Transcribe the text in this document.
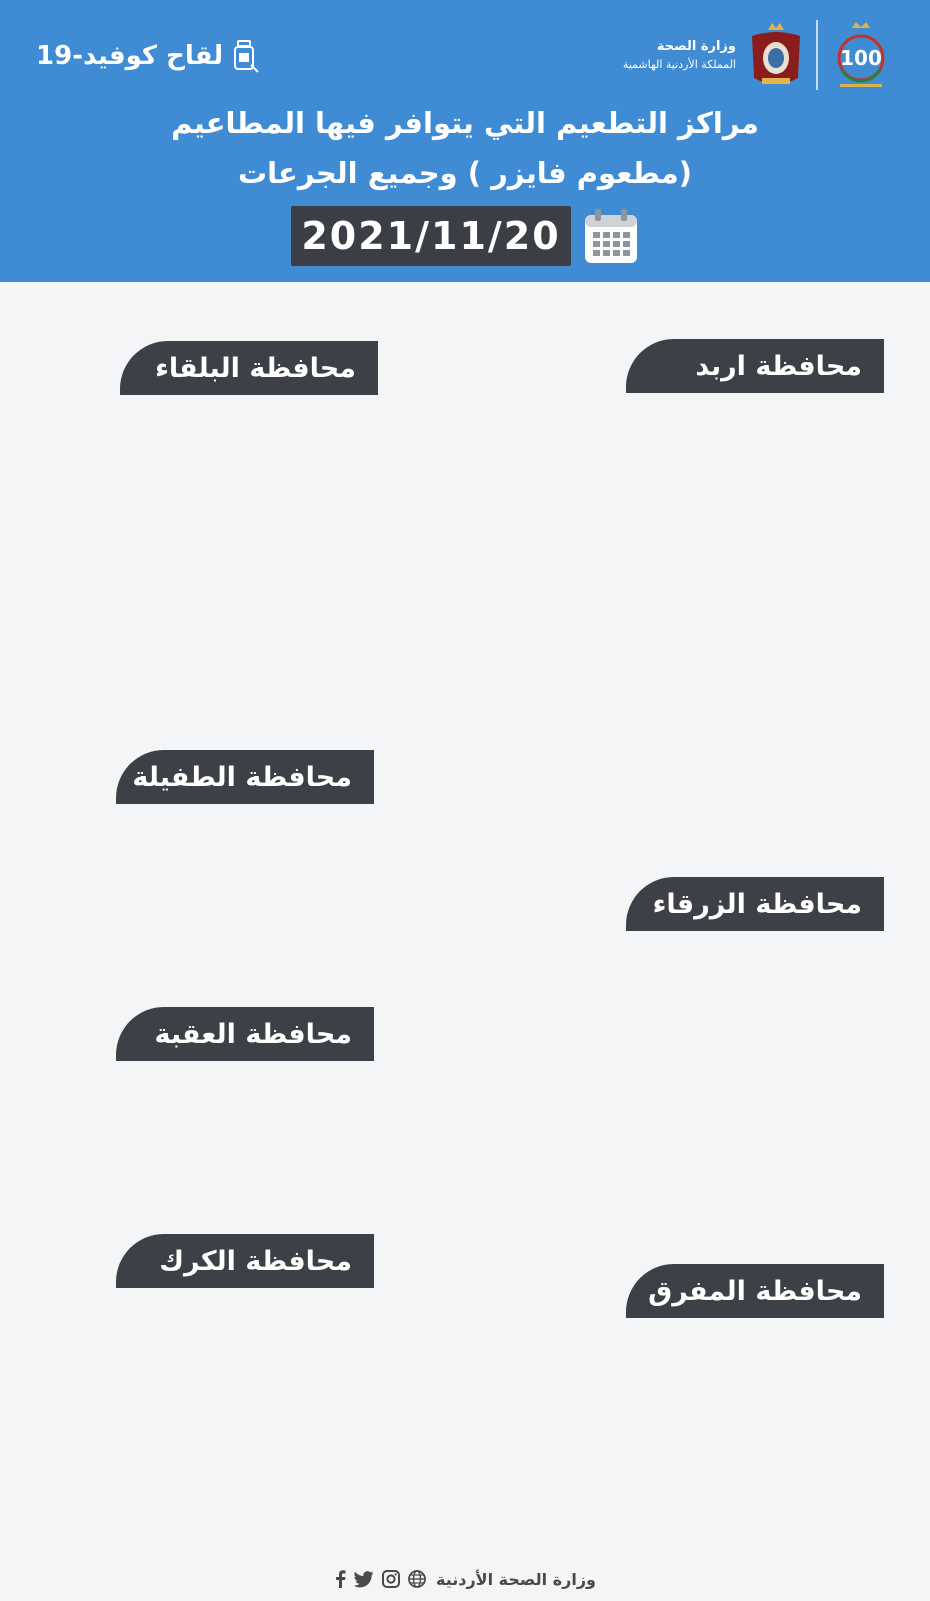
لقاح كوفيد-19	100
وزارة الصحة
المملكة الأردنية الهاشمية
مراكز التطعيم التي يتوافر فيها المطاعيم
(مطعوم فايزر ) وجميع الجرعات
2021/11/20
محافظة اربد
محافظة الزرقاء
محافظة المفرق
محافظة البلقاء
محافظة الطفيلة
محافظة العقبة
محافظة الكرك
وزارة الصحة الأردنية
